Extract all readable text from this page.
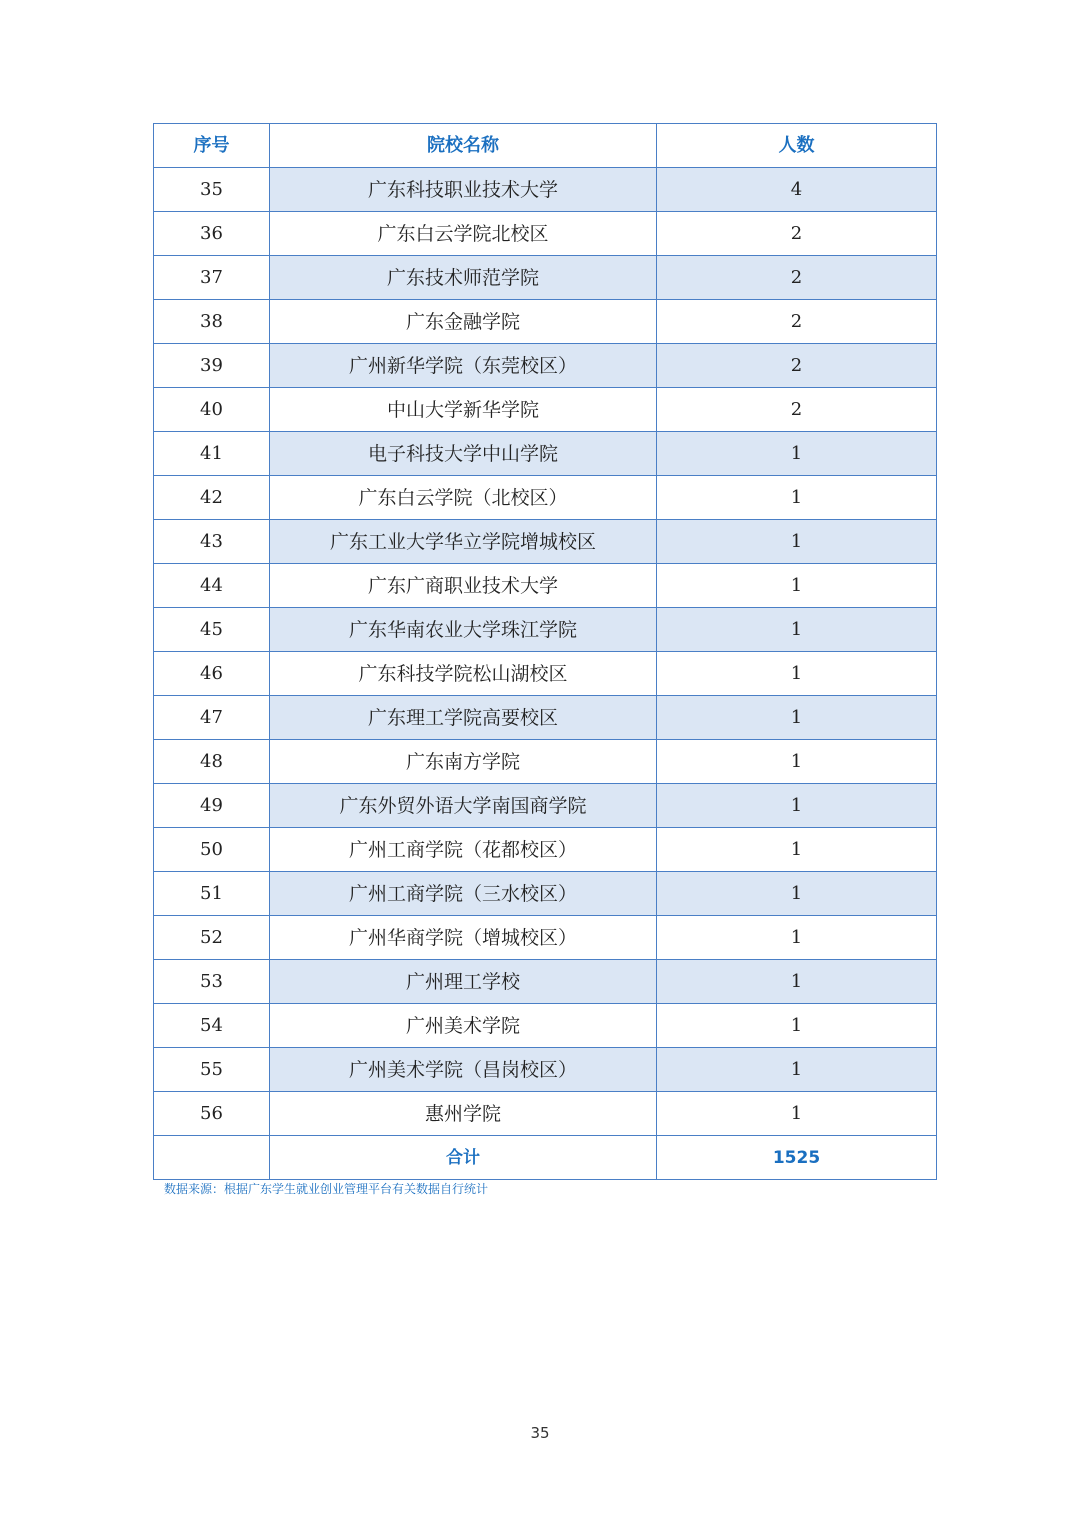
序号	院校名称	人数
35	广东科技职业技术大学	4
36	广东白云学院北校区	2
37	广东技术师范学院	2
38	广东金融学院	2
39	广州新华学院（东莞校区）	2
40	中山大学新华学院	2
41	电子科技大学中山学院	1
42	广东白云学院（北校区）	1
43	广东工业大学华立学院增城校区	1
44	广东广商职业技术大学	1
45	广东华南农业大学珠江学院	1
46	广东科技学院松山湖校区	1
47	广东理工学院高要校区	1
48	广东南方学院	1
49	广东外贸外语大学南国商学院	1
50	广州工商学院（花都校区）	1
51	广州工商学院（三水校区）	1
52	广州华商学院（增城校区）	1
53	广州理工学校	1
54	广州美术学院	1
55	广州美术学院（昌岗校区）	1
56	惠州学院	1
	合计	1525
数据来源：根据广东学生就业创业管理平台有关数据自行统计
35
